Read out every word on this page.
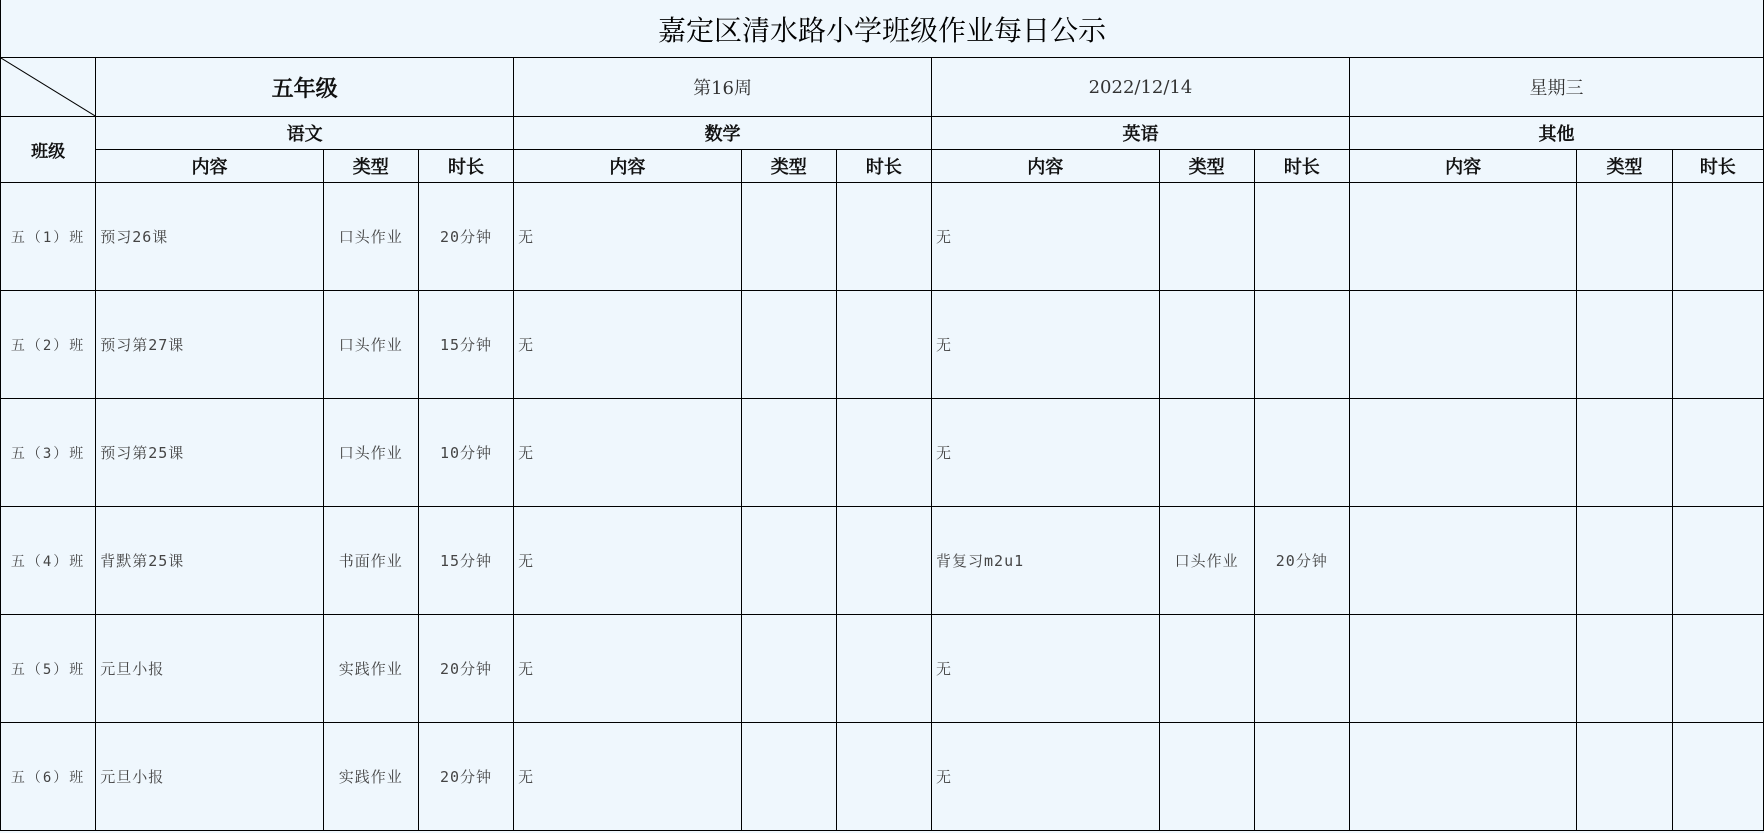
嘉定区清水路小学班级作业每日公示												

	五年级			第16周			2022/12/14			星期三		
班级	语文			数学			英语			其他		
	内容	类型	时长	内容	类型	时长	内容	类型	时长	内容	类型	时长
五（1）班	预习26课	口头作业	20分钟	无			无					
五（2）班	预习第27课	口头作业	15分钟	无			无					
五（3）班	预习第25课	口头作业	10分钟	无			无					
五（4）班	背默第25课	书面作业	15分钟	无			背复习m2u1	口头作业	20分钟			
五（5）班	元旦小报	实践作业	20分钟	无			无					
五（6）班	元旦小报	实践作业	20分钟	无			无					
